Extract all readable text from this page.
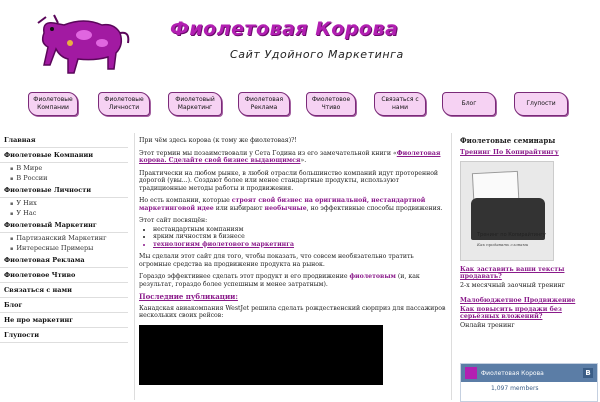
Фиолетовая Корова
Сайт Удойного Маркетинга
Фиолетовые Компании
Фиолетовые Личности
Фиолетовый Маркетинг
Фиолетовая Реклама
Фиолетовое Чтиво
Связаться с нами
Блог	Глупости
Главная
Фиолетовые Компании
▪ В Мире
▪ В России
Фиолетовые Личности
▪ У Них
▪ У Нас
Фиолетовый Маркетинг
▪ Партизанский Маркетинг
▪ Интересные Примеры
Фиолетовая Реклама
Фиолетовое Чтиво
Связаться с нами
Блог
Не про маркетинг
Глупости

При чём здесь корова (к тому же фиолетовая)?!

Этот термин мы позаимствовали у Сета Година из его замечательной книги «Фиолетовая корова. Сделайте свой бизнес выдающимся».

Практически на любом рынке, в любой отрасли большинство компаний идут проторенной дорогой (увы...). Создают более или менее стандартные продукты, используют традиционные методы работы и продвижения.

Но есть компании, которые строят свой бизнес на оригинальной, нестандартной маркетинговой идее или выбирают необычные, но эффективные способы продвижения.

Этот сайт посвящён:

• нестандартным компаниям
• ярким личностям в бизнесе
• технологиям фиолетового маркетинга

Мы сделали этот сайт для того, чтобы показать, что совсем необязательно тратить огромные средства на продвижение продукта на рынок.

Гораздо эффективнее сделать этот продукт и его продвижение фиолетовым (и, как результат, гораздо более успешным и менее затратным).

Последние публикации:

Канадская авиакомпания WestJet решила сделать рождественский сюрприз для пассажиров нескольких своих рейсов:

Фиолетовые семинары
Тренинг По Копирайтингу
Тренинг по Копирайтингу
Как продавать словами
Как заставить ваши тексты продавать?
2-х месячный заочный тренинг
Малобюджетное Продвижение
Как повысить продажи без серьёзных вложений?
Онлайн тренинг
Фиолетовая Корова	B
1,097 members
